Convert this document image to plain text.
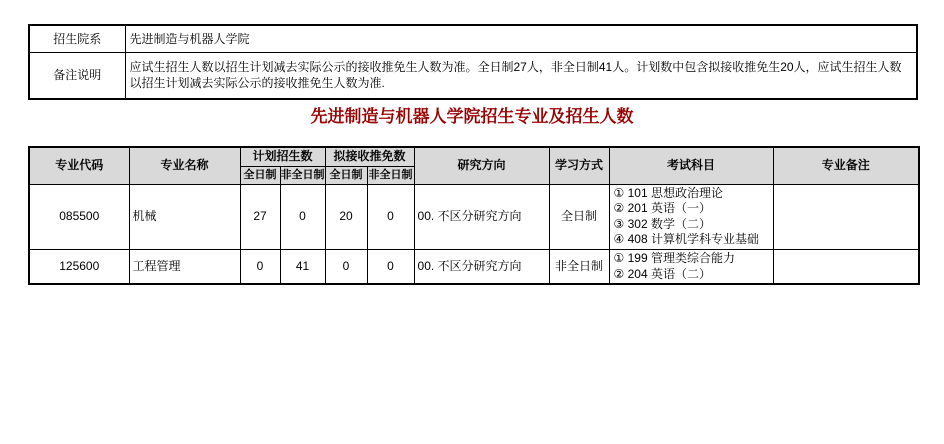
招生院系	先进制造与机器人学院
备注说明	应试生招生人数以招生计划减去实际公示的接收推免生人数为准。全日制27人，非全日制41人。计划数中包含拟接收推免生20人，应试生招生人数以招生计划减去实际公示的接收推免生人数为准.
先进制造与机器人学院招生专业及招生人数
专业代码	专业名称	计划招生数		拟接收推免数		研究方向	学习方式	考试科目	专业备注
		全日制	非全日制	全日制	非全日制				
085500	机械	27	0	20	0	00. 不区分研究方向	全日制	① 101 思想政治理论
② 201 英语（一）
③ 302 数学（二）
④ 408 计算机学科专业基础	

125600	工程管理	0	41	0	0	00. 不区分研究方向	非全日制	① 199 管理类综合能力
② 204 英语（二）	
